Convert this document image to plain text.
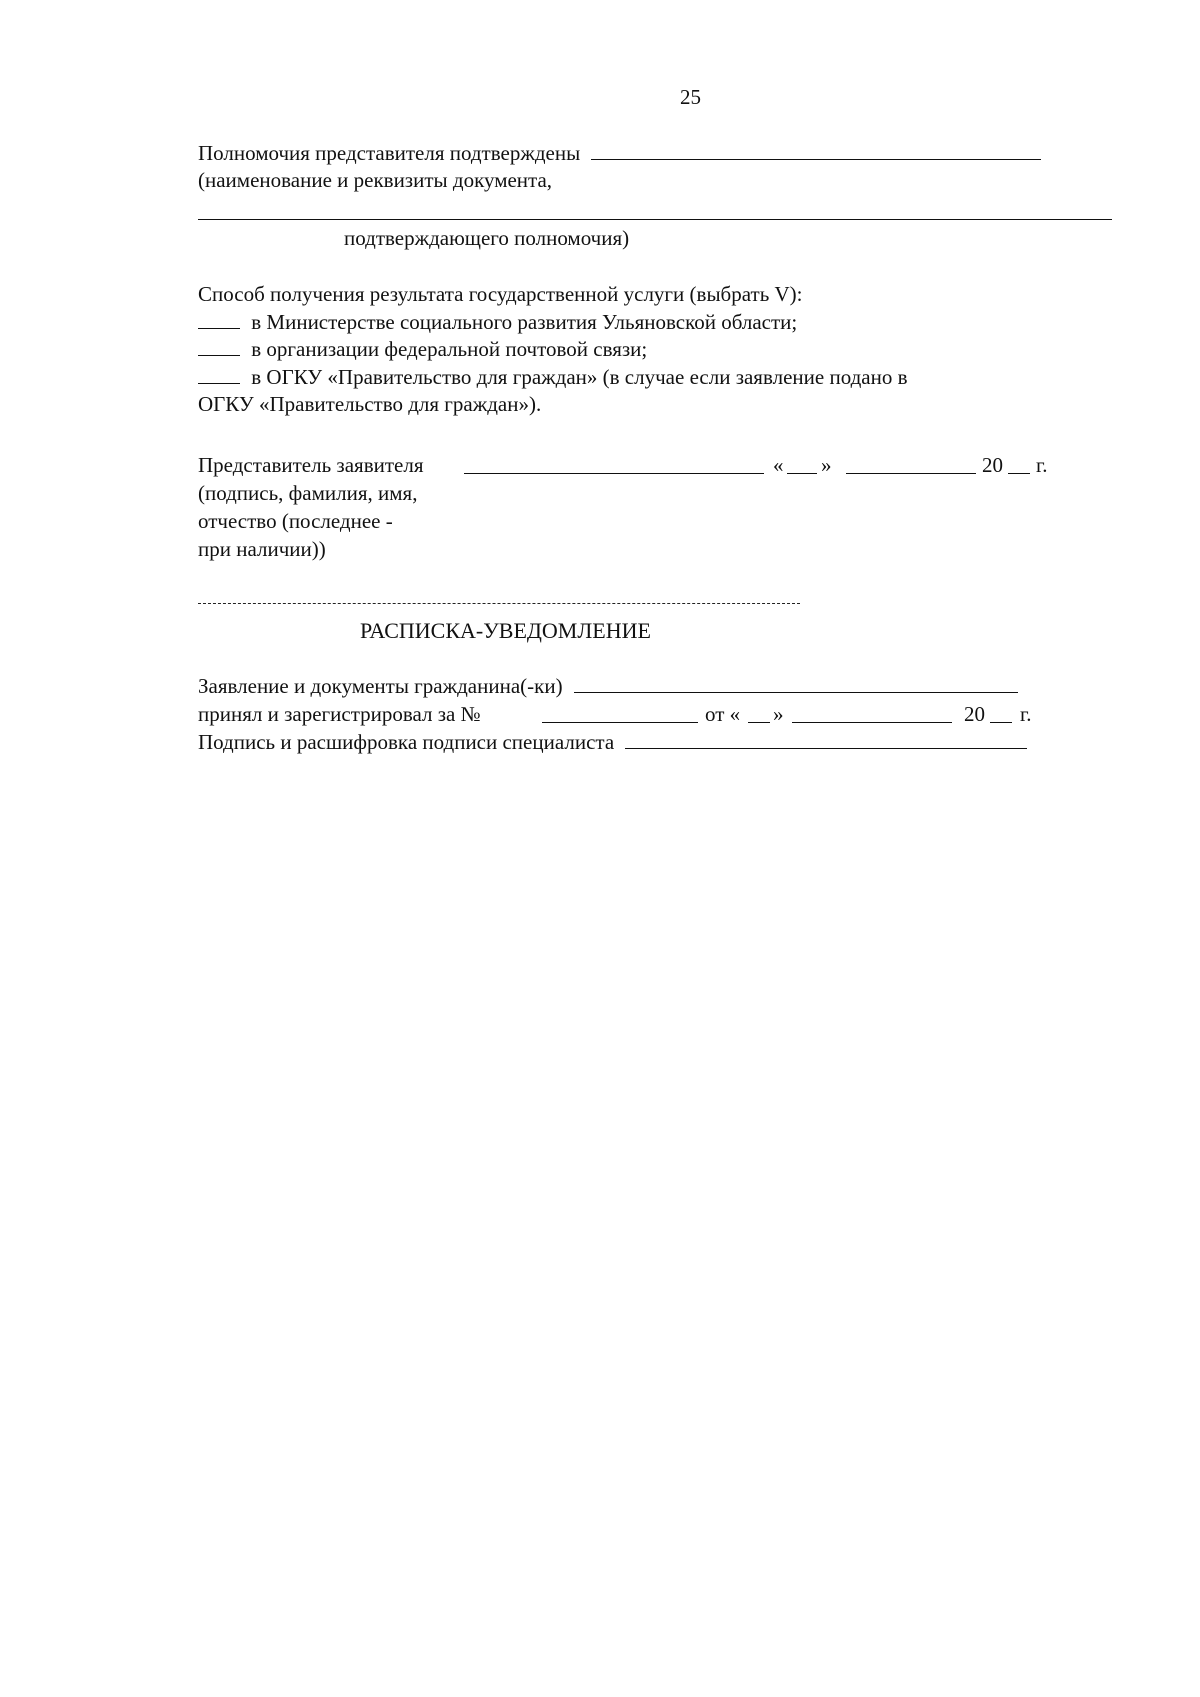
25
Полномочия представителя подтверждены
(наименование и реквизиты документа,
подтверждающего полномочия)
Способ получения результата государственной услуги (выбрать V):
в Министерстве социального развития Ульяновской области;
в организации федеральной почтовой связи;
в ОГКУ «Правительство для граждан» (в случае если заявление подано в
ОГКУ «Правительство для граждан»).
Представитель заявителя	« »	20 г.
(подпись, фамилия, имя,
отчество (последнее -
при наличии))
РАСПИСКА-УВЕДОМЛЕНИЕ
Заявление и документы гражданина(-ки)
принял и зарегистрировал за №	от « »	20 г.
Подпись и расшифровка подписи специалиста
